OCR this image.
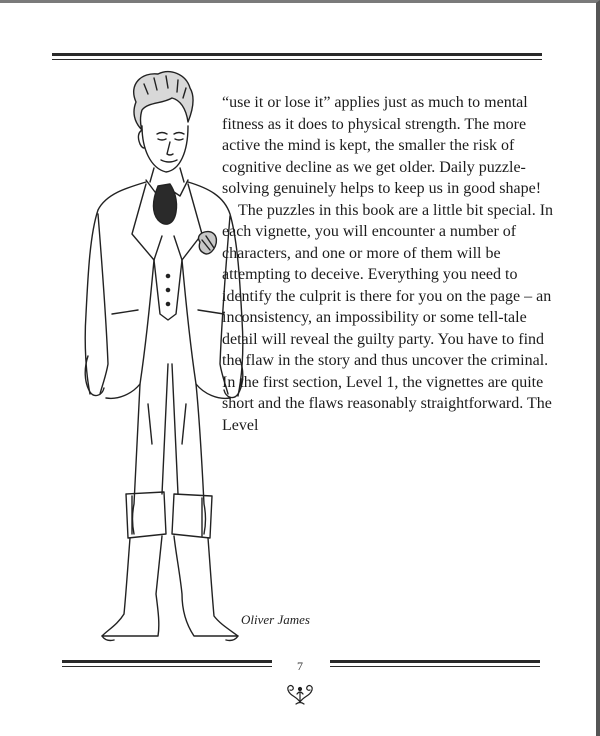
“use it or lose it” applies just as much to mental fitness as it does to physical strength. The more active the mind is kept, the smaller the risk of cognitive decline as we get older. Daily puzzle-solving genuinely helps to keep us in good shape!

The puzzles in this book are a little bit special. In each vignette, you will encounter a number of characters, and one or more of them will be attempting to deceive. Everything you need to identify the culprit is there for you on the page – an inconsistency, an impossibility or some tell-tale detail will reveal the guilty party. You have to find the flaw in the story and thus uncover the criminal.

In the first section, Level 1, the vignettes are quite short and the flaws reasonably straightforward. The Level

Oliver James
7
